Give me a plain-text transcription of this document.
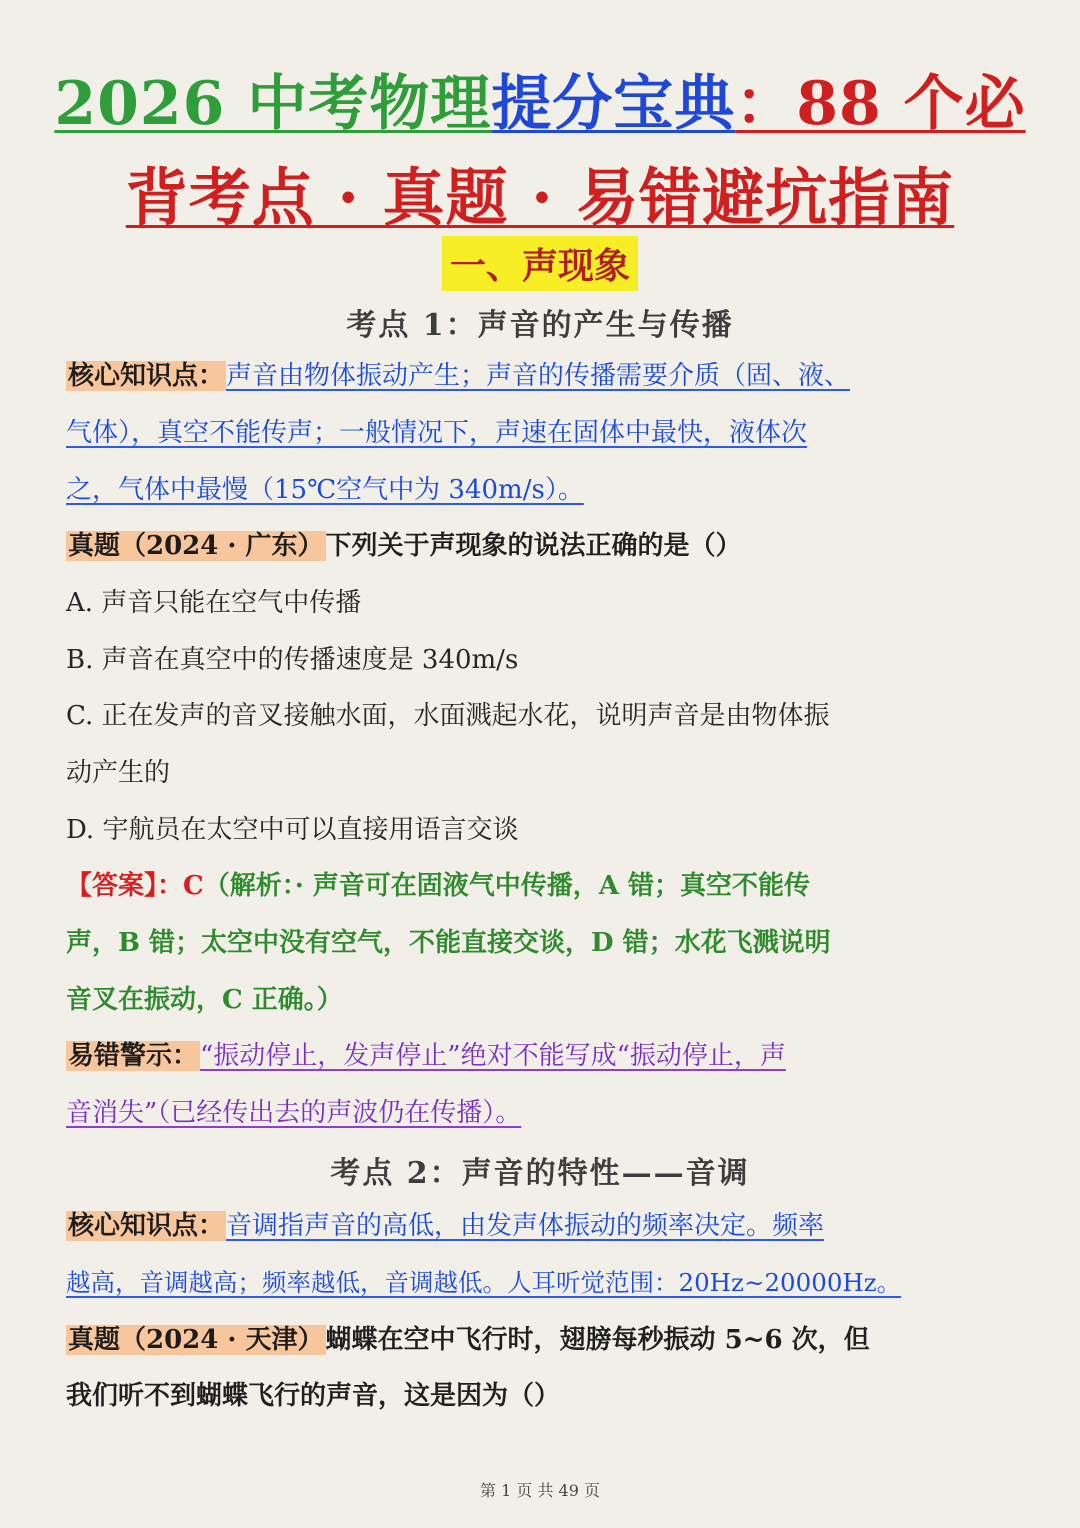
2026 中考物理提分宝典：88 个必
背考点 · 真题 · 易错避坑指南
一、声现象
考点 1：声音的产生与传播
核心知识点：声音由物体振动产生；声音的传播需要介质（固、液、
气体），真空不能传声；一般情况下，声速在固体中最快，液体次
之，气体中最慢（15℃空气中为 340m/s）。
真题（2024 · 广东）下列关于声现象的说法正确的是（）
A. 声音只能在空气中传播
B. 声音在真空中的传播速度是 340m/s
C. 正在发声的音叉接触水面，水面溅起水花，说明声音是由物体振
动产生的
D. 宇航员在太空中可以直接用语言交谈
【答案】：C（解析：· 声音可在固液气中传播，A 错；真空不能传
声，B 错；太空中没有空气，不能直接交谈，D 错；水花飞溅说明
音叉在振动，C 正确。）
易错警示：“振动停止，发声停止”绝对不能写成“振动停止，声
音消失”（已经传出去的声波仍在传播）。
考点 2：声音的特性——音调
核心知识点：音调指声音的高低，由发声体振动的频率决定。频率
越高，音调越高；频率越低，音调越低。人耳听觉范围：20Hz~20000Hz。
真题（2024 · 天津）蝴蝶在空中飞行时，翅膀每秒振动 5~6 次，但
我们听不到蝴蝶飞行的声音，这是因为（）
第 1 页 共 49 页
